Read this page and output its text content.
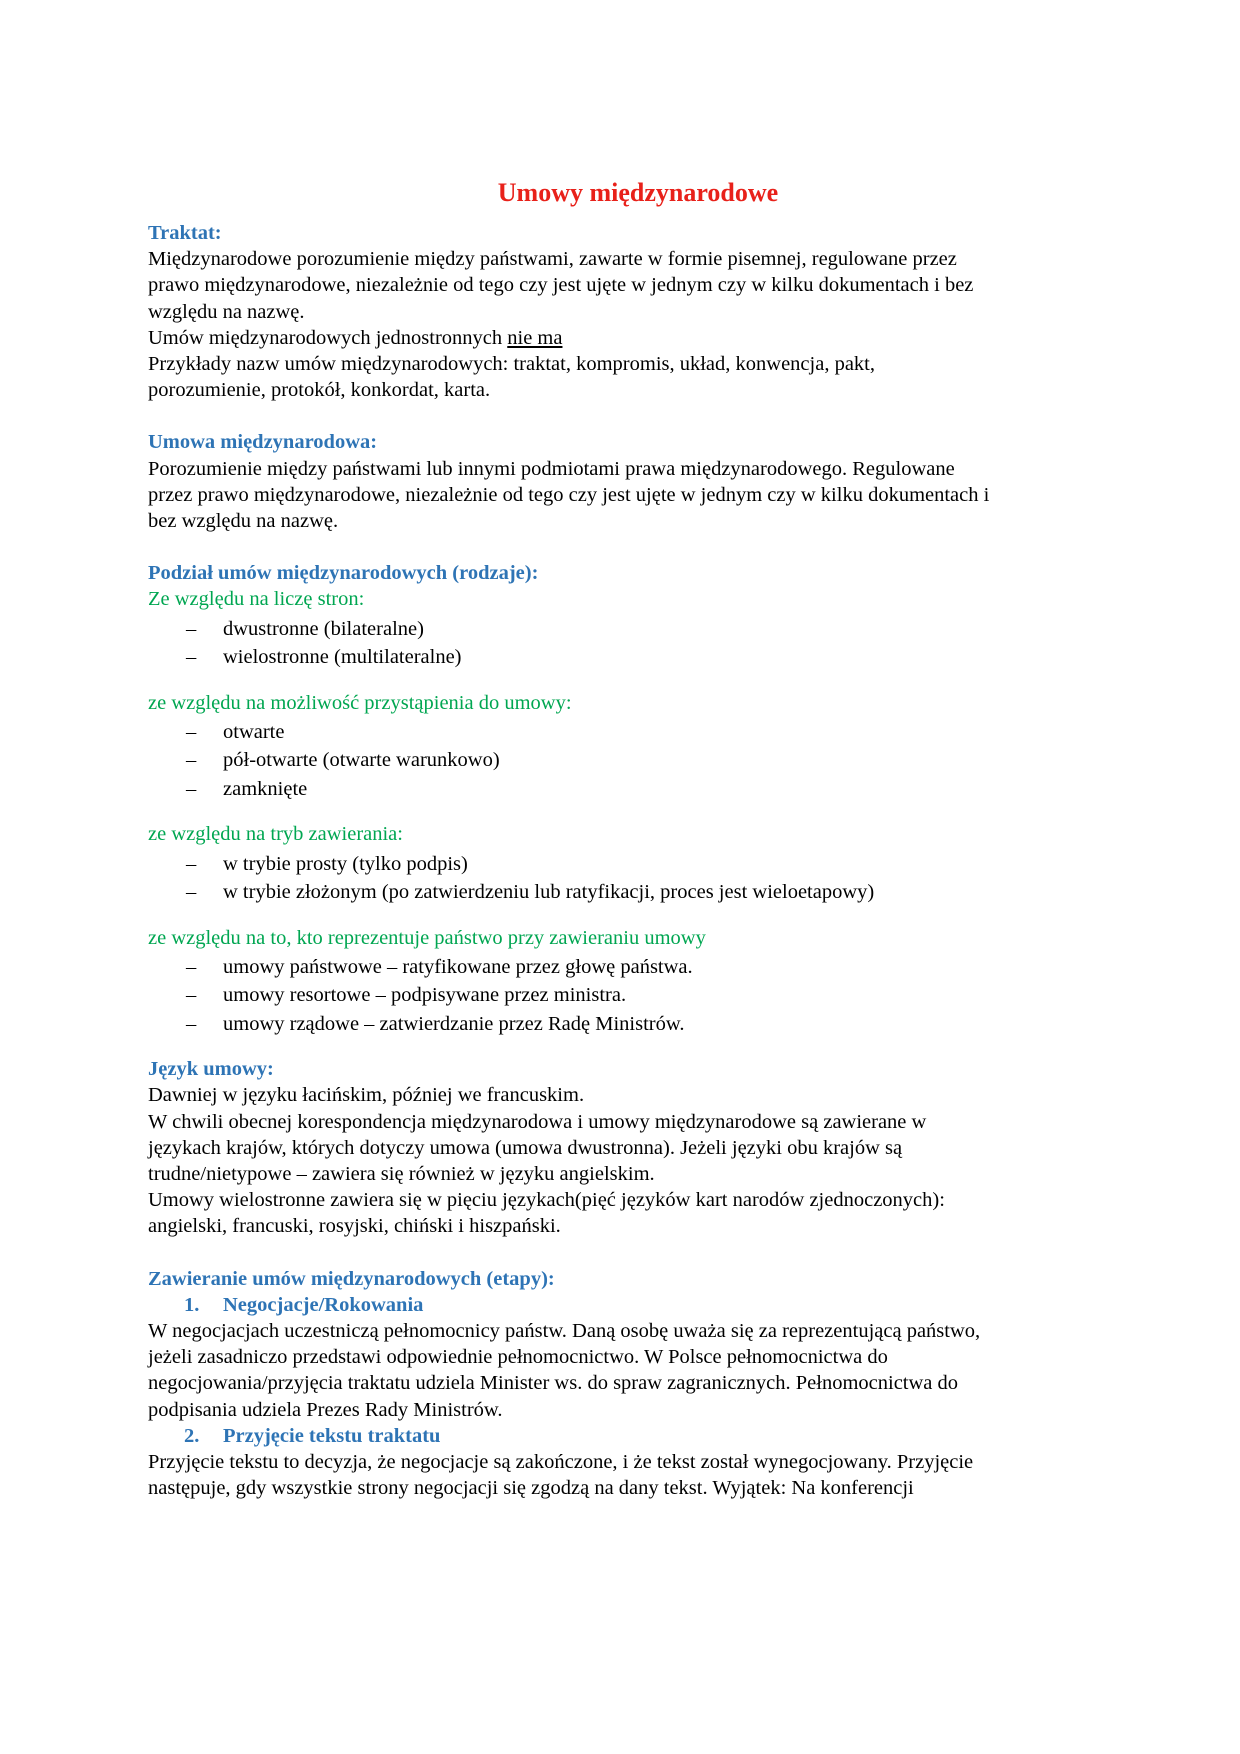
Umowy międzynarodowe

Traktat:

Międzynarodowe porozumienie między państwami, zawarte w formie pisemnej, regulowane przez

prawo międzynarodowe, niezależnie od tego czy jest ujęte w jednym czy w kilku dokumentach i bez

względu na nazwę.

Umów międzynarodowych jednostronnych nie ma

Przykłady nazw umów międzynarodowych: traktat, kompromis, układ, konwencja, pakt,

porozumienie, protokół, konkordat, karta.

Umowa międzynarodowa:

Porozumienie między państwami lub innymi podmiotami prawa międzynarodowego. Regulowane

przez prawo międzynarodowe, niezależnie od tego czy jest ujęte w jednym czy w kilku dokumentach i

bez względu na nazwę.

Podział umów międzynarodowych (rodzaje):

Ze względu na liczę stron:

– dwustronne (bilateralne)
– wielostronne (multilateralne)

ze względu na możliwość przystąpienia do umowy:

– otwarte
– pół-otwarte (otwarte warunkowo)
– zamknięte

ze względu na tryb zawierania:

– w trybie prosty (tylko podpis)
– w trybie złożonym (po zatwierdzeniu lub ratyfikacji, proces jest wieloetapowy)

ze względu na to, kto reprezentuje państwo przy zawieraniu umowy

– umowy państwowe – ratyfikowane przez głowę państwa.
– umowy resortowe – podpisywane przez ministra.
– umowy rządowe – zatwierdzanie przez Radę Ministrów.

Język umowy:

Dawniej w języku łacińskim, później we francuskim.

W chwili obecnej korespondencja międzynarodowa i umowy międzynarodowe są zawierane w

językach krajów, których dotyczy umowa (umowa dwustronna). Jeżeli języki obu krajów są

trudne/nietypowe – zawiera się również w języku angielskim.

Umowy wielostronne zawiera się w pięciu językach(pięć języków kart narodów zjednoczonych):

angielski, francuski, rosyjski, chiński i hiszpański.

Zawieranie umów międzynarodowych (etapy):

1. Negocjacje/Rokowania

W negocjacjach uczestniczą pełnomocnicy państw. Daną osobę uważa się za reprezentującą państwo,

jeżeli zasadniczo przedstawi odpowiednie pełnomocnictwo. W Polsce pełnomocnictwa do

negocjowania/przyjęcia traktatu udziela Minister ws. do spraw zagranicznych. Pełnomocnictwa do

podpisania udziela Prezes Rady Ministrów.

2. Przyjęcie tekstu traktatu

Przyjęcie tekstu to decyzja, że negocjacje są zakończone, i że tekst został wynegocjowany. Przyjęcie

następuje, gdy wszystkie strony negocjacji się zgodzą na dany tekst. Wyjątek: Na konferencji
